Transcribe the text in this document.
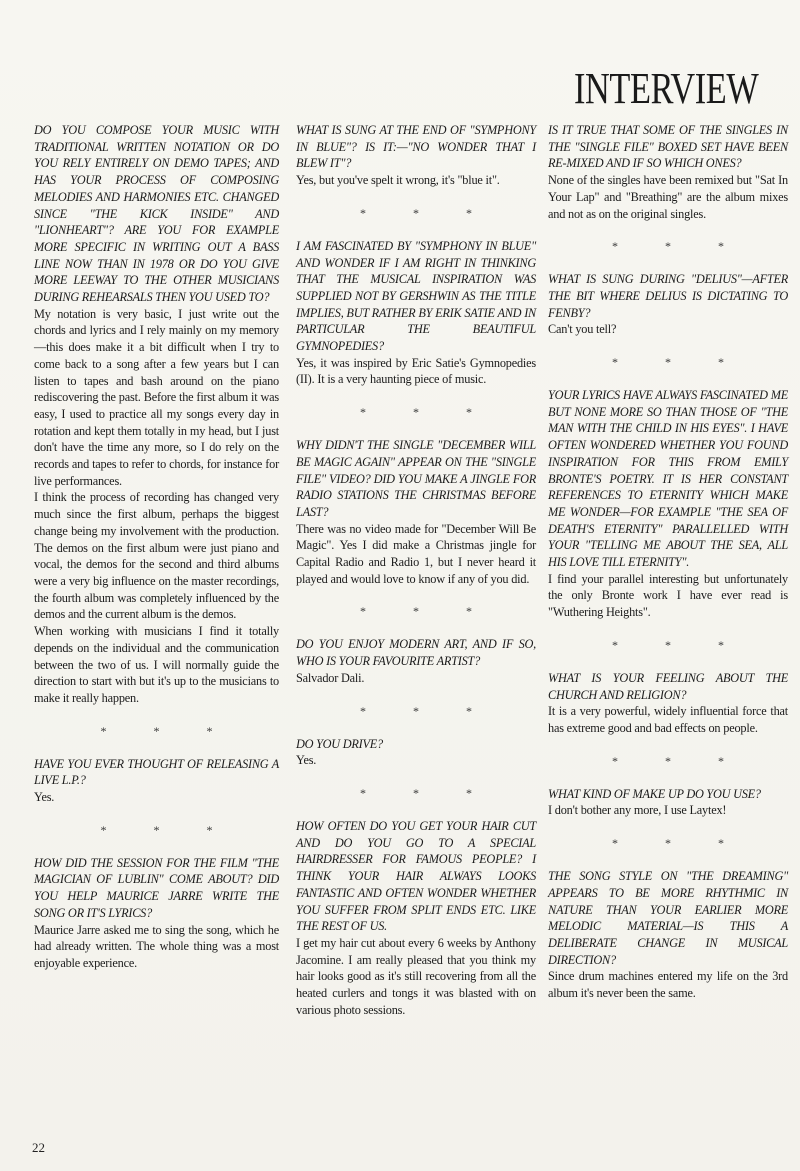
INTERVIEW

DO YOU COMPOSE YOUR MUSIC WITH TRADITIONAL WRITTEN NOTATION OR DO YOU RELY ENTIRELY ON DEMO TAPES; AND HAS YOUR PROCESS OF COMPOSING MELODIES AND HARMONIES ETC. CHANGED SINCE "THE KICK INSIDE" AND "LIONHEART"? ARE YOU FOR EXAMPLE MORE SPECIFIC IN WRITING OUT A BASS LINE NOW THAN IN 1978 OR DO YOU GIVE MORE LEEWAY TO THE OTHER MUSICIANS DURING REHEARSALS THEN YOU USED TO?

My notation is very basic, I just write out the chords and lyrics and I rely mainly on my memory—this does make it a bit difficult when I try to come back to a song after a few years but I can listen to tapes and bash around on the piano rediscovering the past. Before the first album it was easy, I used to practice all my songs every day in rotation and kept them totally in my head, but I just don't have the time any more, so I do rely on the records and tapes to refer to chords, for instance for live performances.

I think the process of recording has changed very much since the first album, perhaps the biggest change being my involvement with the production. The demos on the first album were just piano and vocal, the demos for the second and third albums were a very big influence on the master recordings, the fourth album was completely influenced by the demos and the current album is the demos.

When working with musicians I find it totally depends on the individual and the communication between the two of us. I will normally guide the direction to start with but it's up to the musicians to make it really happen.

* * *

HAVE YOU EVER THOUGHT OF RELEASING A LIVE L.P.?

Yes.

* * *

HOW DID THE SESSION FOR THE FILM "THE MAGICIAN OF LUBLIN" COME ABOUT? DID YOU HELP MAURICE JARRE WRITE THE SONG OR IT'S LYRICS?

Maurice Jarre asked me to sing the song, which he had already written. The whole thing was a most enjoyable experience.

WHAT IS SUNG AT THE END OF "SYMPHONY IN BLUE"? IS IT:—"NO WONDER THAT I BLEW IT"?

Yes, but you've spelt it wrong, it's "blue it".

* * *

I AM FASCINATED BY "SYMPHONY IN BLUE" AND WONDER IF I AM RIGHT IN THINKING THAT THE MUSICAL INSPIRATION WAS SUPPLIED NOT BY GERSHWIN AS THE TITLE IMPLIES, BUT RATHER BY ERIK SATIE AND IN PARTICULAR THE BEAUTIFUL GYMNOPEDIES?

Yes, it was inspired by Eric Satie's Gymnopedies (II). It is a very haunting piece of music.

* * *

WHY DIDN'T THE SINGLE "DECEMBER WILL BE MAGIC AGAIN" APPEAR ON THE "SINGLE FILE" VIDEO? DID YOU MAKE A JINGLE FOR RADIO STATIONS THE CHRISTMAS BEFORE LAST?

There was no video made for "December Will Be Magic". Yes I did make a Christmas jingle for Capital Radio and Radio 1, but I never heard it played and would love to know if any of you did.

* * *

DO YOU ENJOY MODERN ART, AND IF SO, WHO IS YOUR FAVOURITE ARTIST?

Salvador Dali.

* * *

DO YOU DRIVE?

Yes.

* * *

HOW OFTEN DO YOU GET YOUR HAIR CUT AND DO YOU GO TO A SPECIAL HAIRDRESSER FOR FAMOUS PEOPLE? I THINK YOUR HAIR ALWAYS LOOKS FANTASTIC AND OFTEN WONDER WHETHER YOU SUFFER FROM SPLIT ENDS ETC. LIKE THE REST OF US.

I get my hair cut about every 6 weeks by Anthony Jacomine. I am really pleased that you think my hair looks good as it's still recovering from all the heated curlers and tongs it was blasted with on various photo sessions.

IS IT TRUE THAT SOME OF THE SINGLES IN THE "SINGLE FILE" BOXED SET HAVE BEEN RE-MIXED AND IF SO WHICH ONES?

None of the singles have been remixed but "Sat In Your Lap" and "Breathing" are the album mixes and not as on the original singles.

* * *

WHAT IS SUNG DURING "DELIUS"—AFTER THE BIT WHERE DELIUS IS DICTATING TO FENBY?

Can't you tell?

* * *

YOUR LYRICS HAVE ALWAYS FASCINATED ME BUT NONE MORE SO THAN THOSE OF "THE MAN WITH THE CHILD IN HIS EYES". I HAVE OFTEN WONDERED WHETHER YOU FOUND INSPIRATION FOR THIS FROM EMILY BRONTE'S POETRY. IT IS HER CONSTANT REFERENCES TO ETERNITY WHICH MAKE ME WONDER—FOR EXAMPLE "THE SEA OF DEATH'S ETERNITY" PARALLELLED WITH YOUR "TELLING ME ABOUT THE SEA, ALL HIS LOVE TILL ETERNITY".

I find your parallel interesting but unfortunately the only Bronte work I have ever read is "Wuthering Heights".

* * *

WHAT IS YOUR FEELING ABOUT THE CHURCH AND RELIGION?

It is a very powerful, widely influential force that has extreme good and bad effects on people.

* * *

WHAT KIND OF MAKE UP DO YOU USE?

I don't bother any more, I use Laytex!

* * *

THE SONG STYLE ON "THE DREAMING" APPEARS TO BE MORE RHYTHMIC IN NATURE THAN YOUR EARLIER MORE MELODIC MATERIAL—IS THIS A DELIBERATE CHANGE IN MUSICAL DIRECTION?

Since drum machines entered my life on the 3rd album it's never been the same.

22
